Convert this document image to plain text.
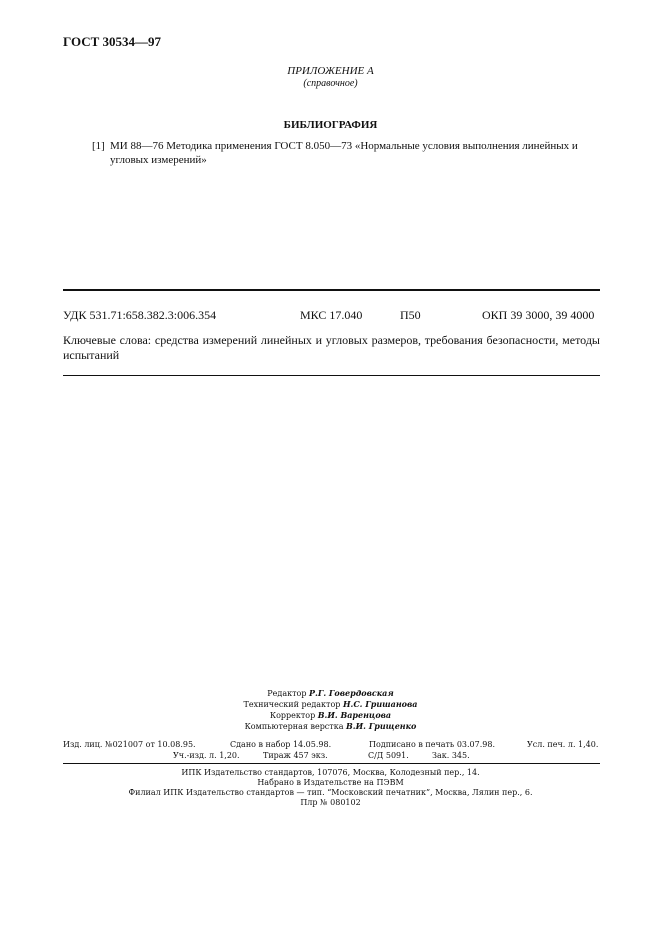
ГОСТ 30534—97
ПРИЛОЖЕНИЕ А
(справочное)
БИБЛИОГРАФИЯ
[1] МИ 88—76 Методика применения ГОСТ 8.050—73 «Нормальные условия выполнения линейных и угловых измерений»
УДК 531.71:658.382.3:006.354	МКС 17.040	П50	ОКП 39 3000, 39 4000
Ключевые слова: средства измерений линейных и угловых размеров, требования безопасности, методы испытаний
Редактор Р.Г. Говердовская
Технический редактор Н.С. Гришанова
Корректор В.И. Варенцова
Компьютерная верстка В.И. Грищенко
Изд. лиц. №021007 от 10.08.95.	Сдано в набор 14.05.98.	Подписано в печать 03.07.98.	Усл. печ. л. 1,40.
Уч.-изд. л. 1,20.	Тираж 457 экз.	С/Д 5091.	Зак. 345.
ИПК Издательство стандартов, 107076, Москва, Колодезный пер., 14.
Набрано в Издательстве на ПЭВМ
Филиал ИПК Издательство стандартов — тип. “Московский печатник”, Москва, Лялин пер., 6.
Плр № 080102
